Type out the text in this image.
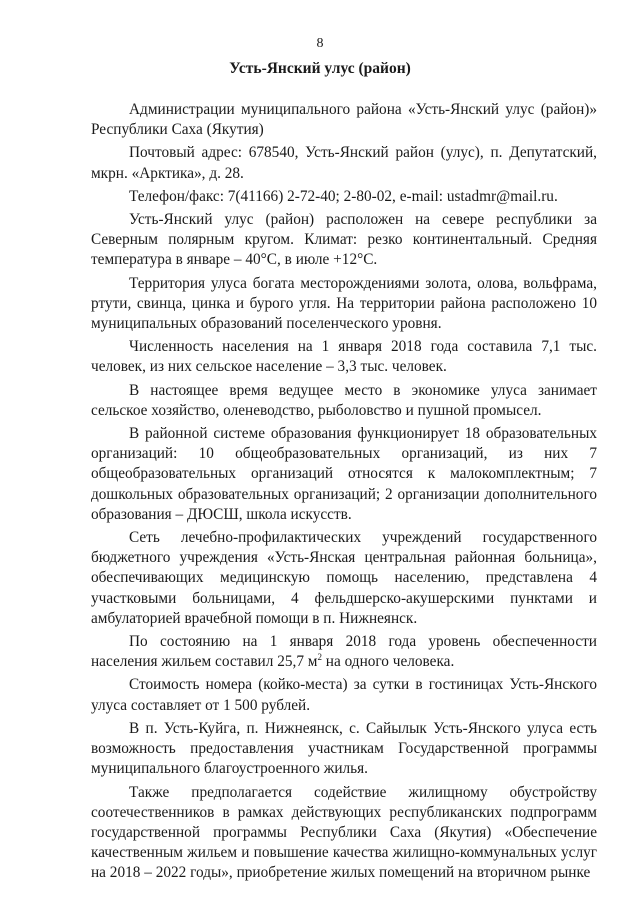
8
Усть-Янский улус (район)

Администрации муниципального района «Усть-Янский улус (район)» Республики Саха (Якутия)

Почтовый адрес: 678540, Усть-Янский район (улус), п. Депутатский, мкрн. «Арктика», д. 28.

Телефон/факс: 7(41166) 2-72-40; 2-80-02, e-mail: ustadmr@mail.ru.

Усть-Янский улус (район) расположен на севере республики за Северным полярным кругом. Климат: резко континентальный. Средняя температура в январе – 40°С, в июле +12°С.

Территория улуса богата месторождениями золота, олова, вольфрама, ртути, свинца, цинка и бурого угля. На территории района расположено 10 муниципальных образований поселенческого уровня.

Численность населения на 1 января 2018 года составила 7,1 тыс. человек, из них сельское население – 3,3 тыс. человек.

В настоящее время ведущее место в экономике улуса занимает сельское хозяйство, оленеводство, рыболовство и пушной промысел.

В районной системе образования функционирует 18 образовательных организаций: 10 общеобразовательных организаций, из них 7 общеобразовательных организаций относятся к малокомплектным; 7 дошкольных образовательных организаций; 2 организации дополнительного образования – ДЮСШ, школа искусств.

Сеть лечебно-профилактических учреждений государственного бюджетного учреждения «Усть-Янская центральная районная больница», обеспечивающих медицинскую помощь населению, представлена 4 участковыми больницами, 4 фельдшерско-акушерскими пунктами и амбулаторией врачебной помощи в п. Нижнеянск.

По состоянию на 1 января 2018 года уровень обеспеченности населения жильем составил 25,7 $м^2$ на одного человека.

Стоимость номера (койко-места) за сутки в гостиницах Усть-Янского улуса составляет от 1 500 рублей.

В п. Усть-Куйга, п. Нижнеянск, с. Сайылык Усть-Янского улуса есть возможность предоставления участникам Государственной программы муниципального благоустроенного жилья.

Также предполагается содействие жилищному обустройству соотечественников в рамках действующих республиканских подпрограмм государственной программы Республики Саха (Якутия) «Обеспечение качественным жильем и повышение качества жилищно-коммунальных услуг на 2018 – 2022 годы», приобретение жилых помещений на вторичном рынке
